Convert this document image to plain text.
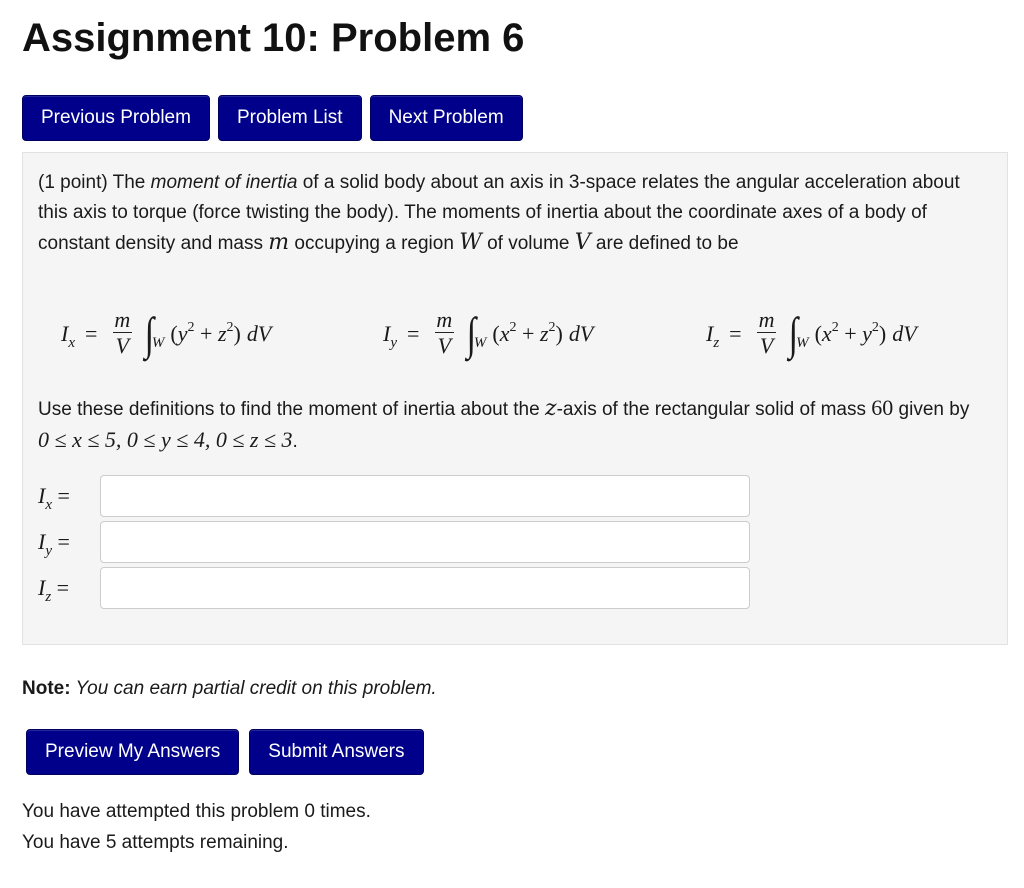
Assignment 10: Problem 6
Previous Problem	Problem List	Next Problem

(1 point) The moment of inertia of a solid body about an axis in 3-space relates the angular acceleration about this axis to torque (force twisting the body). The moments of inertia about the coordinate axes of a body of constant density and mass m occupying a region W of volume V are defined to be

I $x = \frac{m}{V}$ ∫
W $(y^2 + z^2)$ dV	I $y = \frac{m}{V}$ ∫
W $(x^2 + z^2)$ dV	I $z = \frac{m}{V}$ ∫
W $(x^2 + y^2)$ dV

Use these definitions to find the moment of inertia about the z-axis of the rectangular solid of mass 60 given by 0 ≤ x ≤ 5, 0 ≤ y ≤ 4, 0 ≤ z ≤ 3.

$I_x$ =
$I_y$ =
$I_z$ =

Note: You can earn partial credit on this problem.

Preview My Answers	Submit Answers

You have attempted this problem 0 times.
You have 5 attempts remaining.
